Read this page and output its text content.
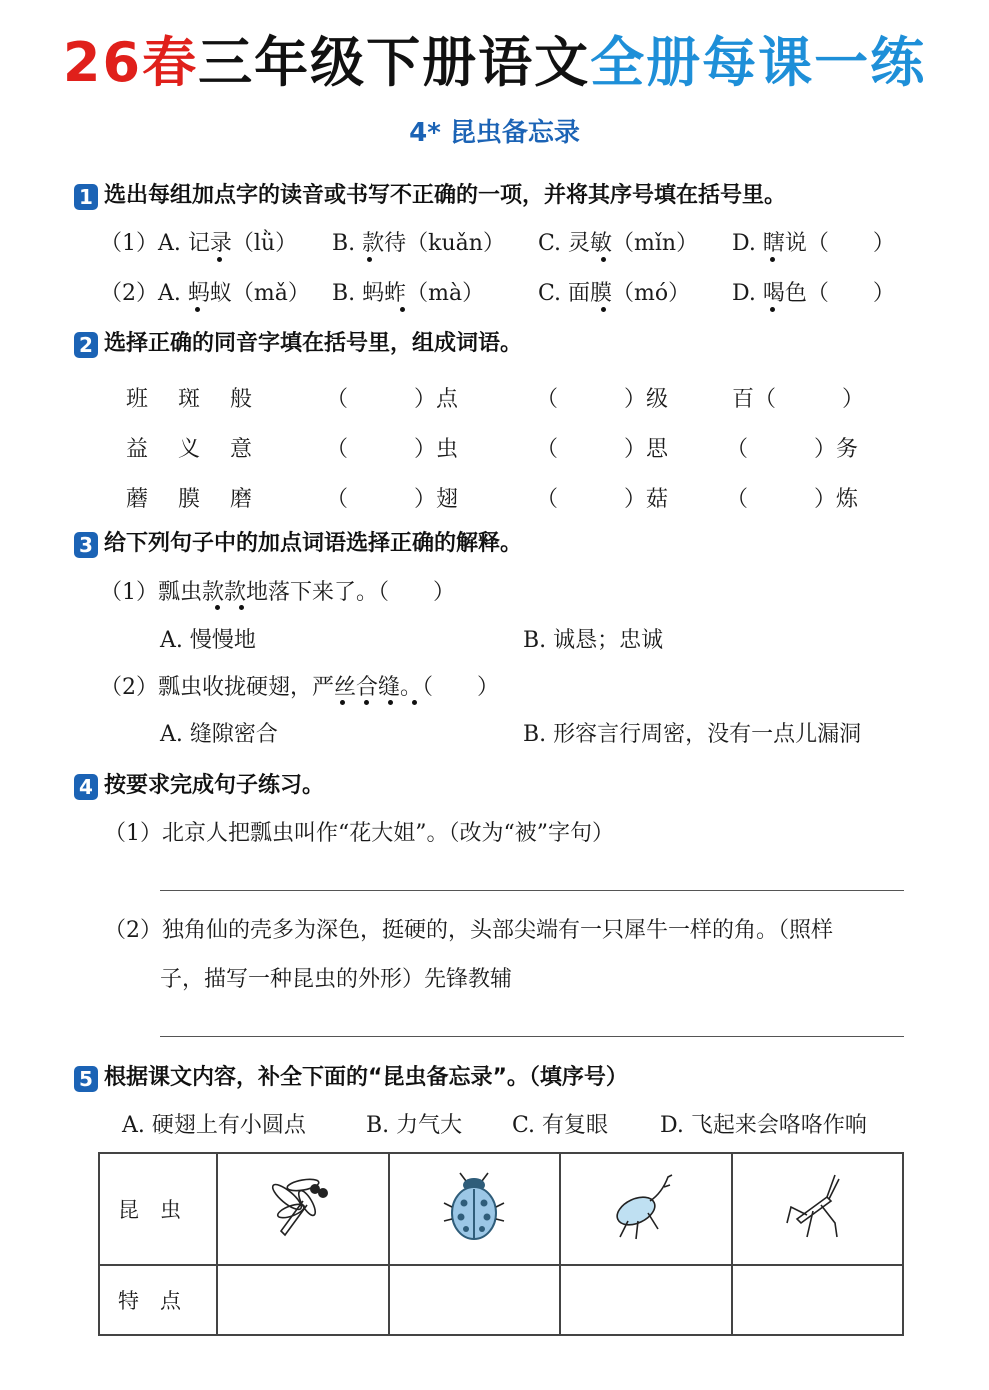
26春三年级下册语文全册每课一练
4* 昆虫备忘录
1 选出每组加点字的读音或书写不正确的一项，并将其序号填在括号里。
（1）A. 记录（lǜ） B. 款待（kuǎn） C. 灵敏（mǐn） D. 瞎说（　　）
（2）A. 蚂蚁（mǎ） B. 蚂蚱（mà） C. 面膜（mó） D. 喝色（　　）
2 选择正确的同音字填在括号里，组成词语。
班　斑　般	（　　　）点	（　　　）级	百（　　　）
益　义　意	（　　　）虫	（　　　）思	（　　　）务
蘑　膜　磨	（　　　）翅	（　　　）菇	（　　　）炼
3 给下列句子中的加点词语选择正确的解释。
（1）瓢虫款款地落下来了。（　　）
A. 慢慢地	B. 诚恳；忠诚
（2）瓢虫收拢硬翅，严丝合缝。（　　）
A. 缝隙密合	B. 形容言行周密，没有一点儿漏洞
4 按要求完成句子练习。
（1）北京人把瓢虫叫作“花大姐”。（改为“被”字句）
（2）独角仙的壳多为深色，挺硬的，头部尖端有一只犀牛一样的角。（照样
子，描写一种昆虫的外形）先锋教辅
5 根据课文内容，补全下面的“昆虫备忘录”。（填序号）
A. 硬翅上有小圆点	B. 力气大 C. 有复眼 D. 飞起来会咯咯作响
昆　虫				
特　点				
